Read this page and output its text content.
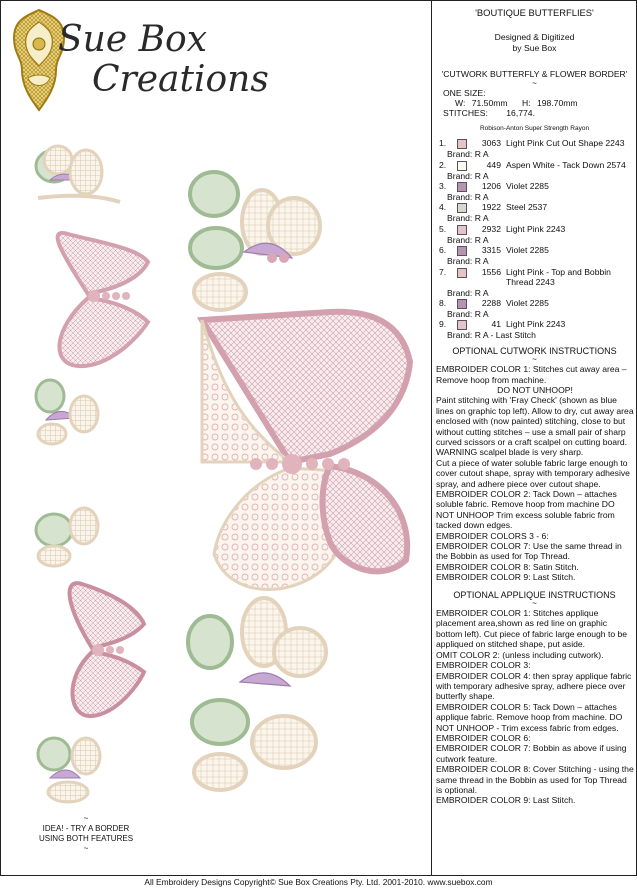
Sue Box
Creations
~
IDEA! - TRY A BORDER
USING BOTH FEATURES
~
'BOUTIQUE BUTTERFLIES'
Designed & Digitized
by Sue Box
'CUTWORK BUTTERFLY & FLOWER BORDER'
~
ONE SIZE:
W: 71.50mm H: 198.70mm
STITCHES: 16,774.
Robison-Anton Super Strength Rayon
1.	3063 Light Pink Cut Out Shape 2243
Brand: R A
2.	449 Aspen White - Tack Down 2574
Brand: R A
3.	1206 Violet 2285
Brand: R A
4.	1922 Steel 2537
Brand: R A
5.	2932 Light Pink 2243
Brand: R A
6.	3315 Violet 2285
Brand: R A
7.	1556 Light Pink - Top and Bobbin Thread 2243
Brand: R A
8.	2288 Violet 2285
Brand: R A
9.	41 Light Pink 2243
Brand: R A - Last Stitch
OPTIONAL CUTWORK INSTRUCTIONS
~

EMBROIDER COLOR 1: Stitches cut away area – Remove hoop from machine.

DO NOT UNHOOP!

Paint stitching with 'Fray Check' (shown as blue lines on graphic top left). Allow to dry, cut away area enclosed with (now painted) stitching, close to but without cutting stitches – use a small pair of sharp curved scissors or a craft scalpel on cutting board.

WARNING scalpel blade is very sharp.

Cut a piece of water soluble fabric large enough to cover cutout shape, spray with temporary adhesive spray, and adhere piece over cutout shape.

EMBROIDER COLOR 2: Tack Down – attaches soluble fabric. Remove hoop from machine DO NOT UNHOOP Trim excess soluble fabric from tacked down edges.

EMBROIDER COLORS 3 - 6:

EMBROIDER COLOR 7: Use the same thread in the Bobbin as used for Top Thread.

EMBROIDER COLOR 8: Satin Stitch.

EMBROIDER COLOR 9: Last Stitch.

OPTIONAL APPLIQUE INSTRUCTIONS
~

EMBROIDER COLOR 1: Stitches applique placement area,shown as red line on graphic bottom left). Cut piece of fabric large enough to be appliqued on stitched shape, put aside.

OMIT COLOR 2: (unless including cutwork).

EMBROIDER COLOR 3:

EMBROIDER COLOR 4: then spray applique fabric with temporary adhesive spray, adhere piece over butterfly shape.

EMBROIDER COLOR 5: Tack Down – attaches applique fabric. Remove hoop from machine. DO NOT UNHOOP - Trim excess fabric from edges.

EMBROIDER COLOR 6:

EMBROIDER COLOR 7: Bobbin as above if using cutwork feature.

EMBROIDER COLOR 8: Cover Stitching - using the same thread in the Bobbin as used for Top Thread is optional.

EMBROIDER COLOR 9: Last Stitch.

All Embroidery Designs Copyright© Sue Box Creations Pty. Ltd. 2001-2010. www.suebox.com
